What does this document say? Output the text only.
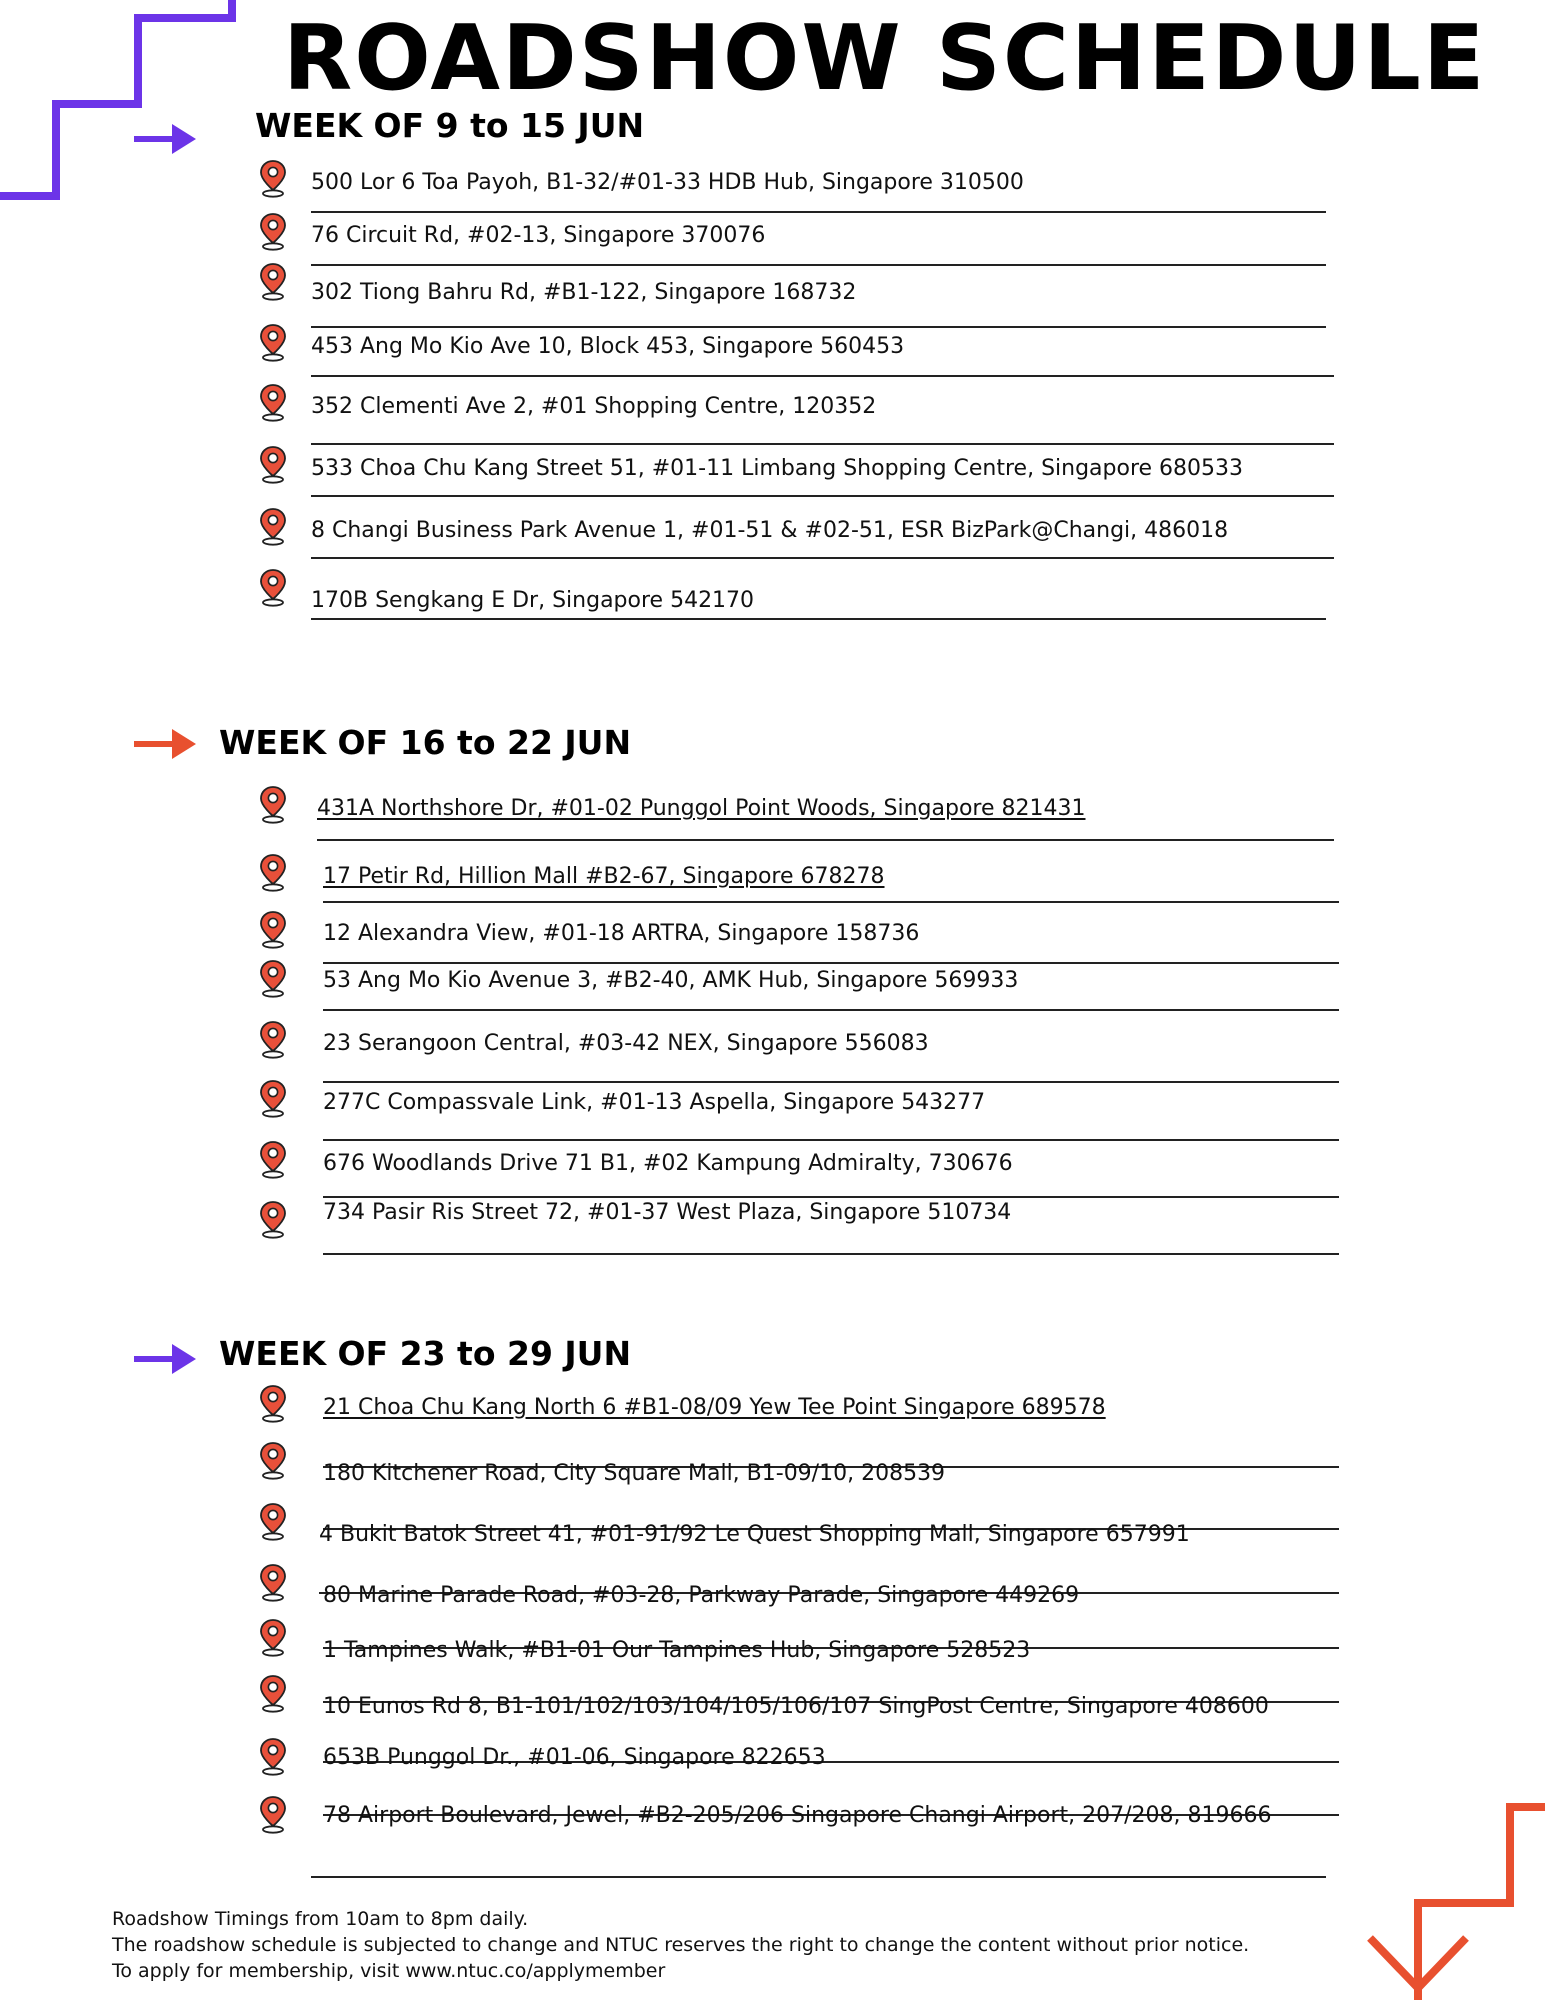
ROADSHOW SCHEDULE
WEEK OF 9 to 15 JUN
WEEK OF 16 to 22 JUN
WEEK OF 23 to 29 JUN
500 Lor 6 Toa Payoh, B1-32/#01-33 HDB Hub, Singapore 310500
76 Circuit Rd, #02-13, Singapore 370076
302 Tiong Bahru Rd, #B1-122, Singapore 168732
453 Ang Mo Kio Ave 10, Block 453, Singapore 560453
352 Clementi Ave 2, #01 Shopping Centre, 120352
533 Choa Chu Kang Street 51, #01-11 Limbang Shopping Centre, Singapore 680533
8 Changi Business Park Avenue 1, #01-51 & #02-51, ESR BizPark@Changi, 486018
170B Sengkang E Dr, Singapore 542170
431A Northshore Dr, #01-02 Punggol Point Woods, Singapore 821431
17 Petir Rd, Hillion Mall #B2-67, Singapore 678278
12 Alexandra View, #01-18 ARTRA, Singapore 158736
53 Ang Mo Kio Avenue 3, #B2-40, AMK Hub, Singapore 569933
23 Serangoon Central, #03-42 NEX, Singapore 556083
277C Compassvale Link, #01-13 Aspella, Singapore 543277
676 Woodlands Drive 71 B1, #02 Kampung Admiralty, 730676
734 Pasir Ris Street 72, #01-37 West Plaza, Singapore 510734
21 Choa Chu Kang North 6 #B1-08/09 Yew Tee Point Singapore 689578
180 Kitchener Road, City Square Mall, B1-09/10, 208539
4 Bukit Batok Street 41, #01-91/92 Le Quest Shopping Mall, Singapore 657991
80 Marine Parade Road, #03-28, Parkway Parade, Singapore 449269
1 Tampines Walk, #B1-01 Our Tampines Hub, Singapore 528523
10 Eunos Rd 8, B1-101/102/103/104/105/106/107 SingPost Centre, Singapore 408600
653B Punggol Dr., #01-06, Singapore 822653
78 Airport Boulevard, Jewel, #B2-205/206 Singapore Changi Airport, 207/208, 819666
Roadshow Timings from 10am to 8pm daily.
The roadshow schedule is subjected to change and NTUC reserves the right to change the content without prior notice.
To apply for membership, visit www.ntuc.co/applymember
